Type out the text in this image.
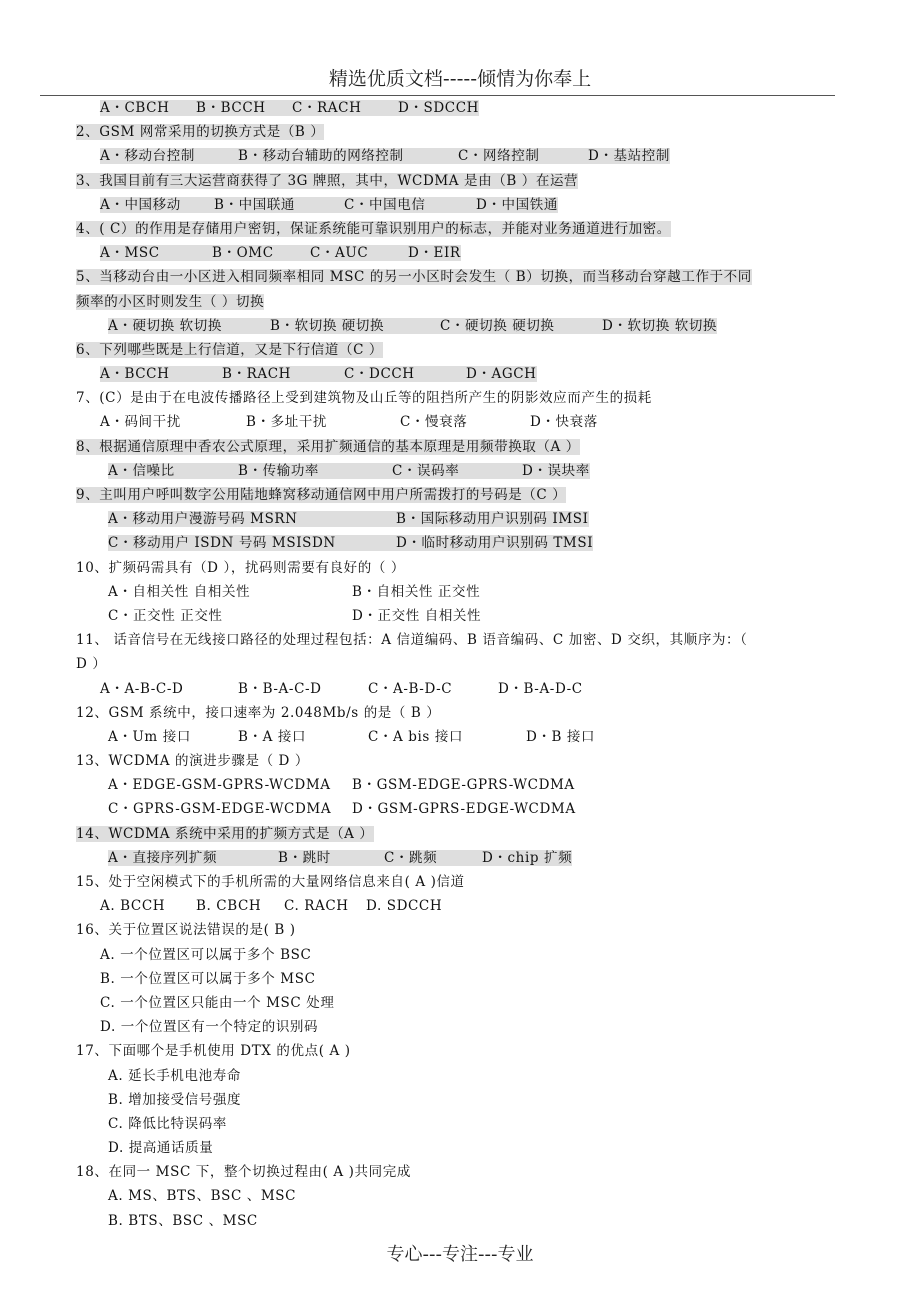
精选优质文档-----倾情为你奉上
A・CBCH B・BCCH C・RACH	D・SDCCH
2、GSM 网常采用的切换方式是（B ）
A・移动台控制	B・移动台辅助的网络控制	C・网络控制	D・基站控制
3、我国目前有三大运营商获得了 3G 牌照，其中，WCDMA 是由（B ）在运营
A・中国移动 B・中国联通	C・中国电信	D・中国铁通
4、( C）的作用是存储用户密钥，保证系统能可靠识别用户的标志，并能对业务通道进行加密。
A・MSC	B・OMC	C・AUC	D・EIR
5、当移动台由一小区进入相同频率相同 MSC 的另一小区时会发生（ B）切换，而当移动台穿越工作于不同
频率的小区时则发生（ ）切换
A・硬切换 软切换	B・软切换 硬切换	C・硬切换 硬切换	D・软切换 软切换
6、下列哪些既是上行信道，又是下行信道（C ）
A・BCCH	B・RACH	C・DCCH	D・AGCH
7、(C）是由于在电波传播路径上受到建筑物及山丘等的阻挡所产生的阴影效应而产生的损耗
A・码间干扰	B・多址干扰	C・慢衰落	D・快衰落
8、根据通信原理中香农公式原理，采用扩频通信的基本原理是用频带换取（A ）
A・信噪比	B・传输功率	C・误码率	D・误块率
9、主叫用户呼叫数字公用陆地蜂窝移动通信网中用户所需拨打的号码是（C ）
A・移动用户漫游号码 MSRN	B・国际移动用户识别码 IMSI
C・移动用户 ISDN 号码 MSISDN	D・临时移动用户识别码 TMSI
10、扩频码需具有（D ），扰码则需要有良好的（ ）
A・自相关性 自相关性	B・自相关性 正交性
C・正交性 正交性	D・正交性 自相关性
11、 话音信号在无线接口路径的处理过程包括：A 信道编码、B 语音编码、C 加密、D 交织，其顺序为：（
D ）
A・A-B-C-D	B・B-A-C-D	C・A-B-D-C	D・B-A-D-C
12、GSM 系统中，接口速率为 2.048Mb/s 的是（ B ）
A・Um 接口	B・A 接口	C・A bis 接口	D・B 接口
13、WCDMA 的演进步骤是（ D ）
A・EDGE-GSM-GPRS-WCDMA B・GSM-EDGE-GPRS-WCDMA
C・GPRS-GSM-EDGE-WCDMA D・GSM-GPRS-EDGE-WCDMA
14、WCDMA 系统中采用的扩频方式是（A ）
A・直接序列扩频	B・跳时	C・跳频	D・chip 扩频
15、处于空闲模式下的手机所需的大量网络信息来自( A )信道
A. BCCH B. CBCH C. RACH D. SDCCH
16、关于位置区说法错误的是( B )
A. 一个位置区可以属于多个 BSC
B. 一个位置区可以属于多个 MSC
C. 一个位置区只能由一个 MSC 处理
D. 一个位置区有一个特定的识别码
17、下面哪个是手机使用 DTX 的优点( A )
A. 延长手机电池寿命
B. 增加接受信号强度
C. 降低比特误码率
D. 提高通话质量
18、在同一 MSC 下，整个切换过程由( A )共同完成
A. MS、BTS、BSC 、MSC
B. BTS、BSC 、MSC
专心---专注---专业
